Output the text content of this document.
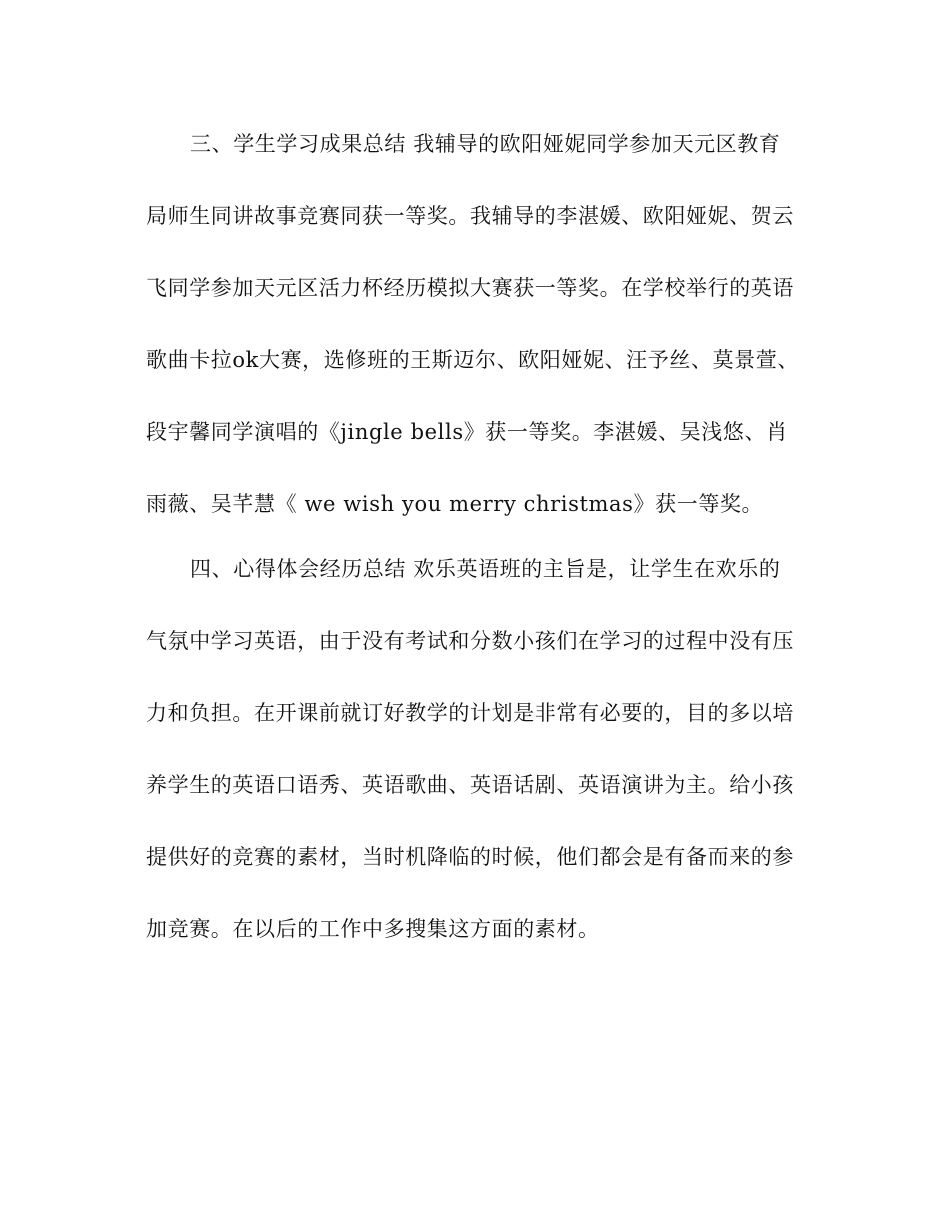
三、学生学习成果总结 我辅导的欧阳娅妮同学参加天元区教育
局师生同讲故事竞赛同获一等奖。我辅导的李湛媛、欧阳娅妮、贺云
飞同学参加天元区活力杯经历模拟大赛获一等奖。在学校举行的英语
歌曲卡拉ok大赛，选修班的王斯迈尔、欧阳娅妮、汪予丝、莫景萱、
段宇馨同学演唱的《jingle bells》获一等奖。李湛媛、吴浅悠、肖
雨薇、吴芊慧《 we wish you merry christmas》获一等奖。
四、心得体会经历总结 欢乐英语班的主旨是，让学生在欢乐的
气氛中学习英语，由于没有考试和分数小孩们在学习的过程中没有压
力和负担。在开课前就订好教学的计划是非常有必要的，目的多以培
养学生的英语口语秀、英语歌曲、英语话剧、英语演讲为主。给小孩
提供好的竞赛的素材，当时机降临的时候，他们都会是有备而来的参
加竞赛。在以后的工作中多搜集这方面的素材。
